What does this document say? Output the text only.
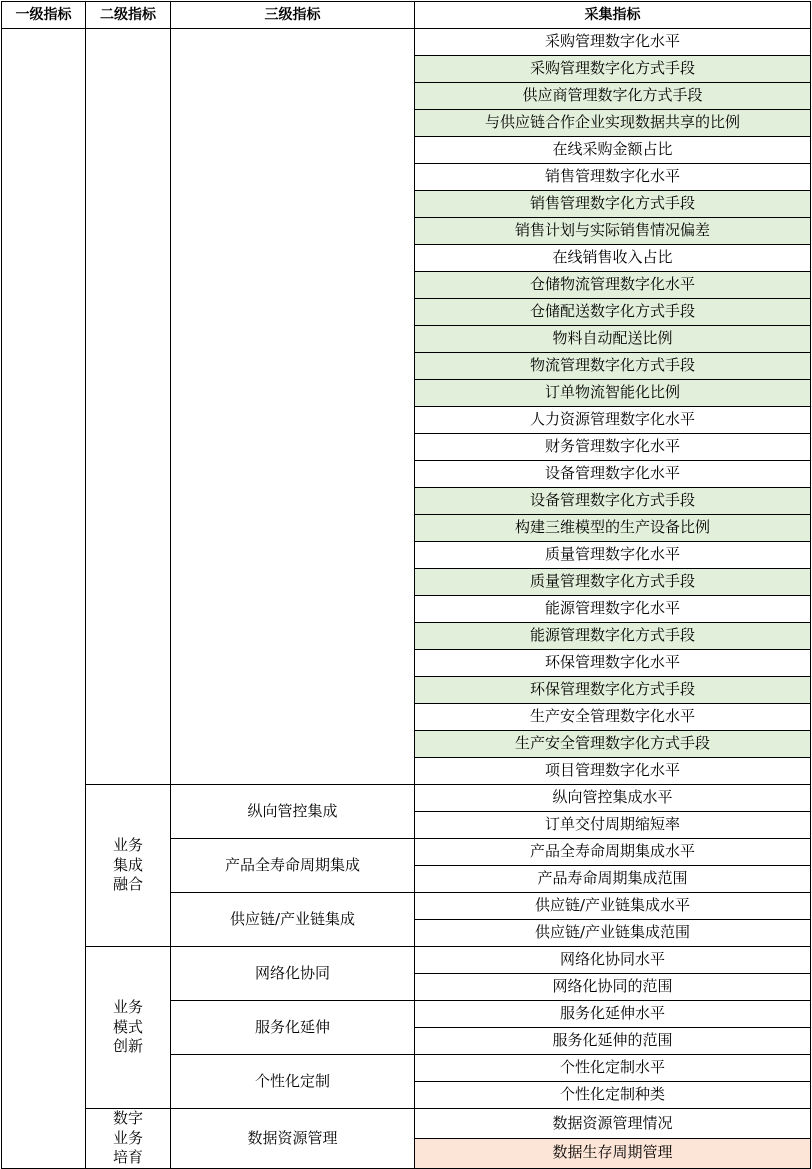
一级指标	二级指标	三级指标	采集指标
			采购管理数字化水平
			采购管理数字化方式手段
			供应商管理数字化方式手段
			与供应链合作企业实现数据共享的比例
			在线采购金额占比
			销售管理数字化水平
			销售管理数字化方式手段
			销售计划与实际销售情况偏差
			在线销售收入占比
			仓储物流管理数字化水平
			仓储配送数字化方式手段
			物料自动配送比例
			物流管理数字化方式手段
			订单物流智能化比例
			人力资源管理数字化水平
			财务管理数字化水平
			设备管理数字化水平
			设备管理数字化方式手段
			构建三维模型的生产设备比例
			质量管理数字化水平
			质量管理数字化方式手段
			能源管理数字化水平
			能源管理数字化方式手段
			环保管理数字化水平
			环保管理数字化方式手段
			生产安全管理数字化水平
			生产安全管理数字化方式手段
			项目管理数字化水平
	业务集成融合	纵向管控集成	纵向管控集成水平
			订单交付周期缩短率
		产品全寿命周期集成	产品全寿命周期集成水平
			产品寿命周期集成范围
		供应链/产业链集成	供应链/产业链集成水平
			供应链/产业链集成范围
	业务模式创新	网络化协同	网络化协同水平
			网络化协同的范围
		服务化延伸	服务化延伸水平
			服务化延伸的范围
		个性化定制	个性化定制水平
			个性化定制种类
	数字业务培育	数据资源管理	数据资源管理情况
			数据生存周期管理
